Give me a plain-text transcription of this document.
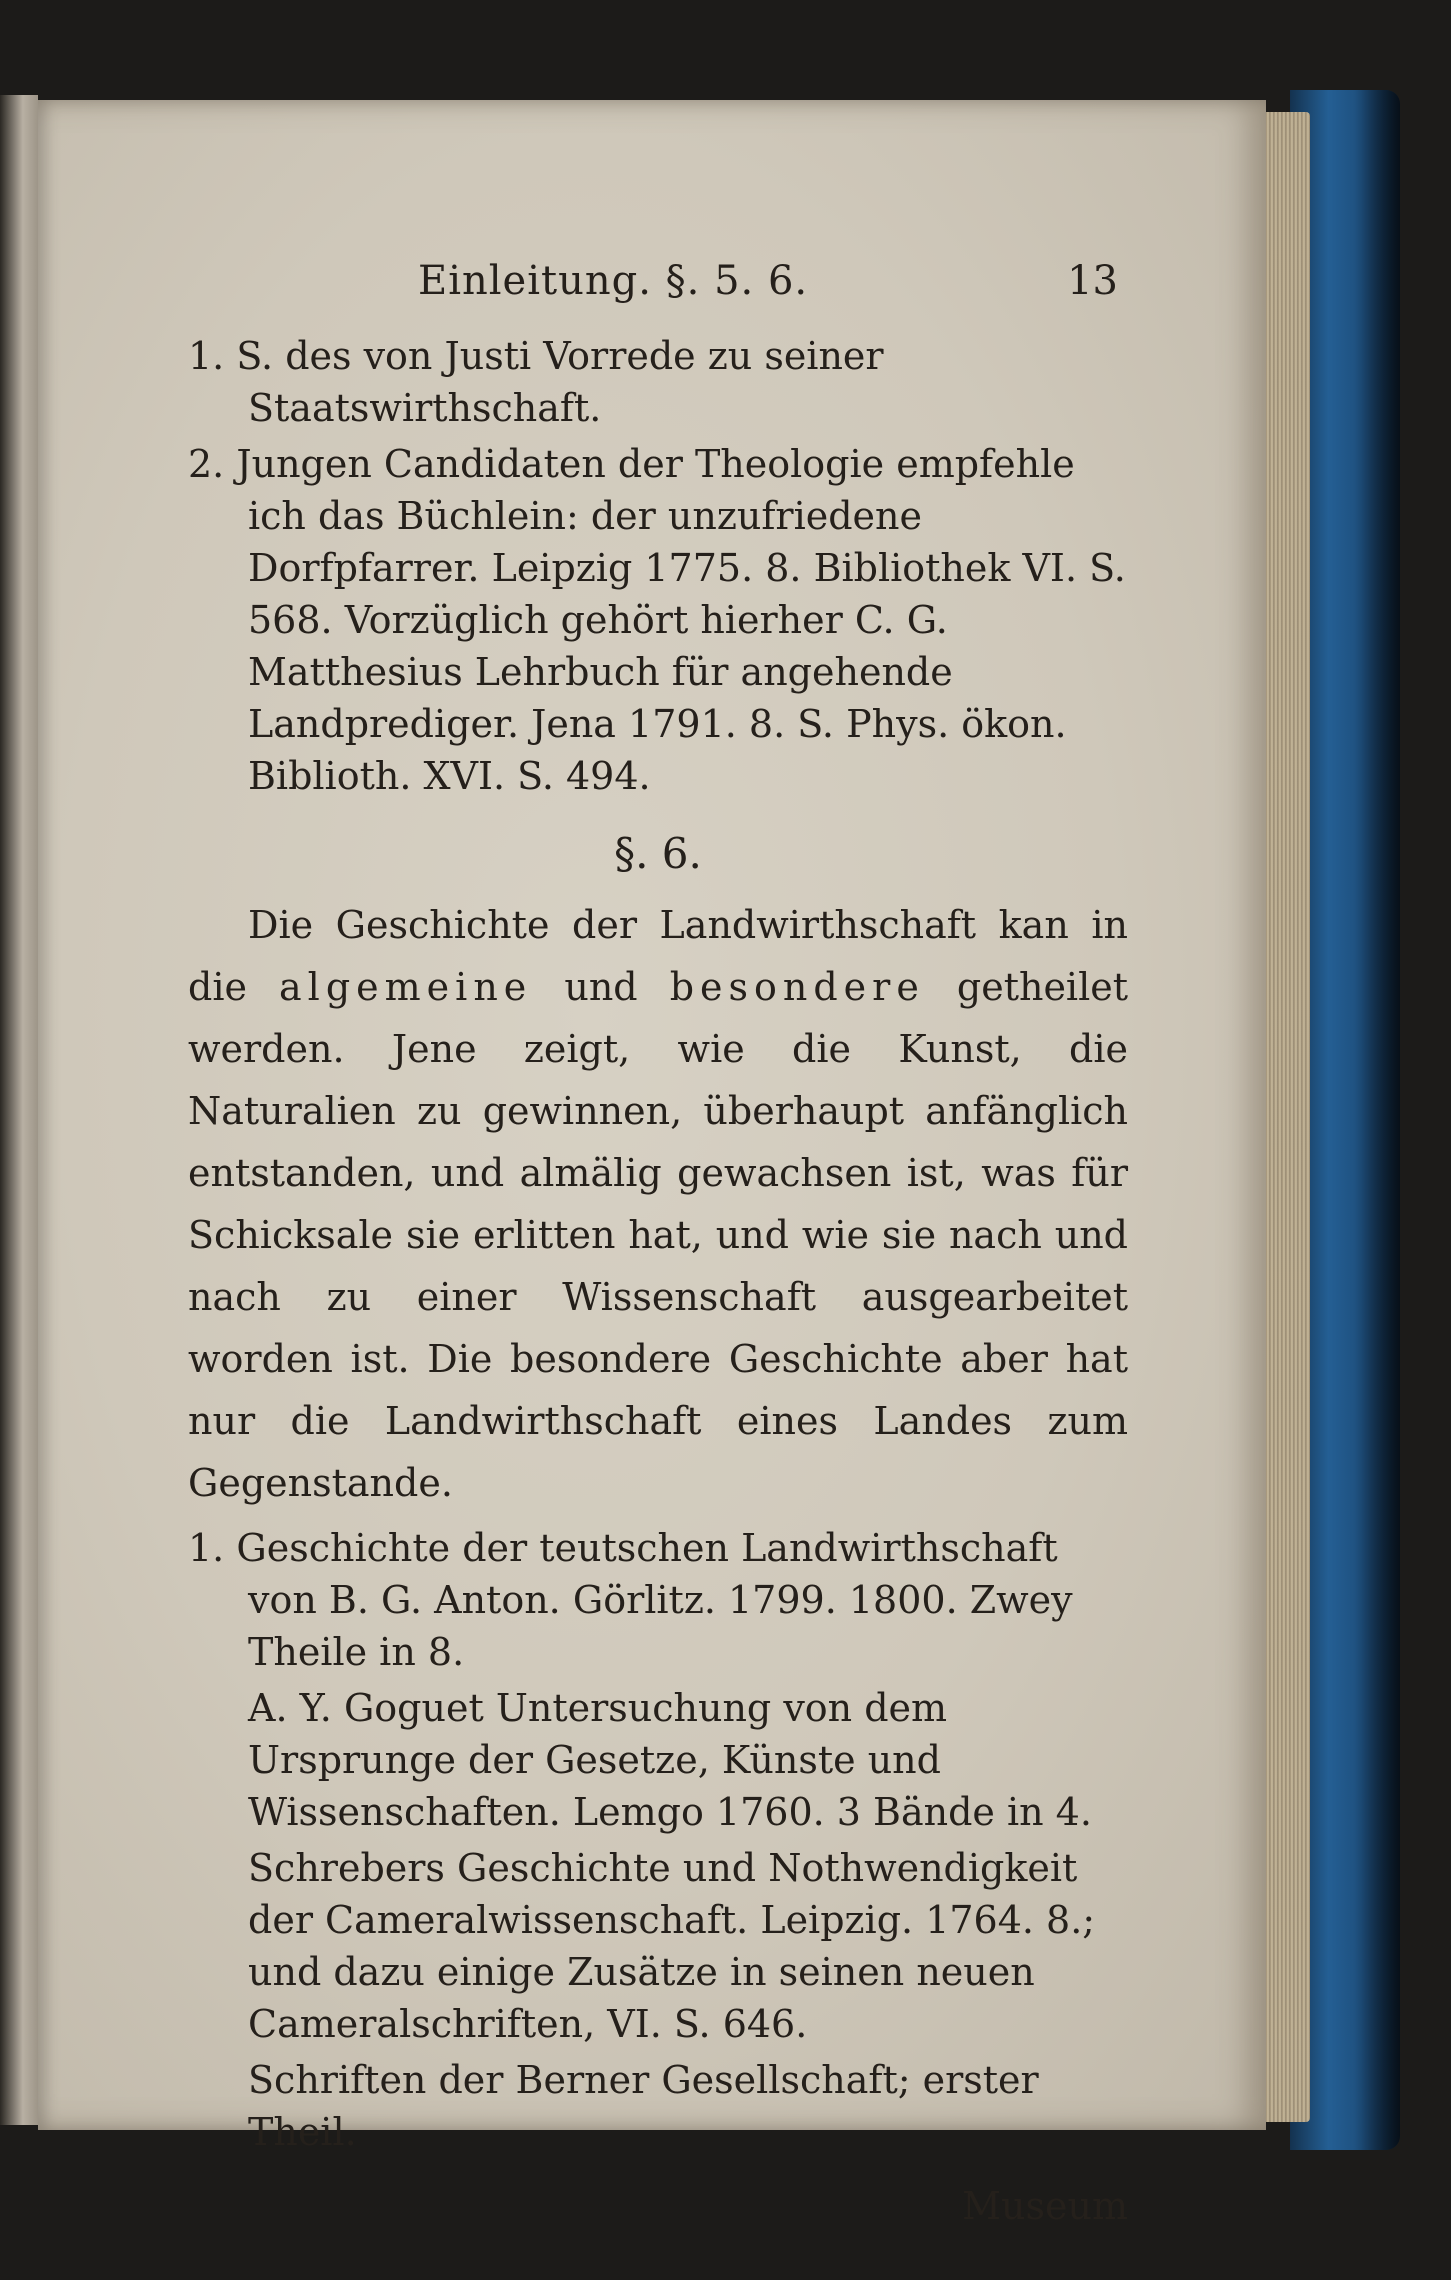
Einleitung. §. 5. 6.	13
1. S. des von Justi Vorrede zu seiner Staatswirthschaft.
2. Jungen Candidaten der Theologie empfehle ich das Büchlein: der unzufriedene Dorfpfarrer. Leipzig 1775. 8. Bibliothek VI. S. 568. Vorzüglich gehört hierher C. G. Matthesius Lehrbuch für angehende Landprediger. Jena 1791. 8. S. Phys. ökon. Biblioth. XVI. S. 494.
§. 6.
Die Geschichte der Landwirthschaft kan in die algemeine und besondere getheilet werden. Jene zeigt, wie die Kunst, die Naturalien zu gewinnen, überhaupt anfänglich entstanden, und almälig gewachsen ist, was für Schicksale sie erlitten hat, und wie sie nach und nach zu einer Wissenschaft ausgearbeitet worden ist. Die besondere Geschichte aber hat nur die Landwirthschaft eines Landes zum Gegenstande.
1. Geschichte der teutschen Landwirthschaft von B. G. Anton. Görlitz. 1799. 1800. Zwey Theile in 8.
A. Y. Goguet Untersuchung von dem Ursprunge der Gesetze, Künste und Wissenschaften. Lemgo 1760. 3 Bände in 4.
Schrebers Geschichte und Nothwendigkeit der Cameralwissenschaft. Leipzig. 1764. 8.; und dazu einige Zusätze in seinen neuen Cameralschriften, VI. S. 646.
Schriften der Berner Gesellschaft; erster Theil.
Museum
